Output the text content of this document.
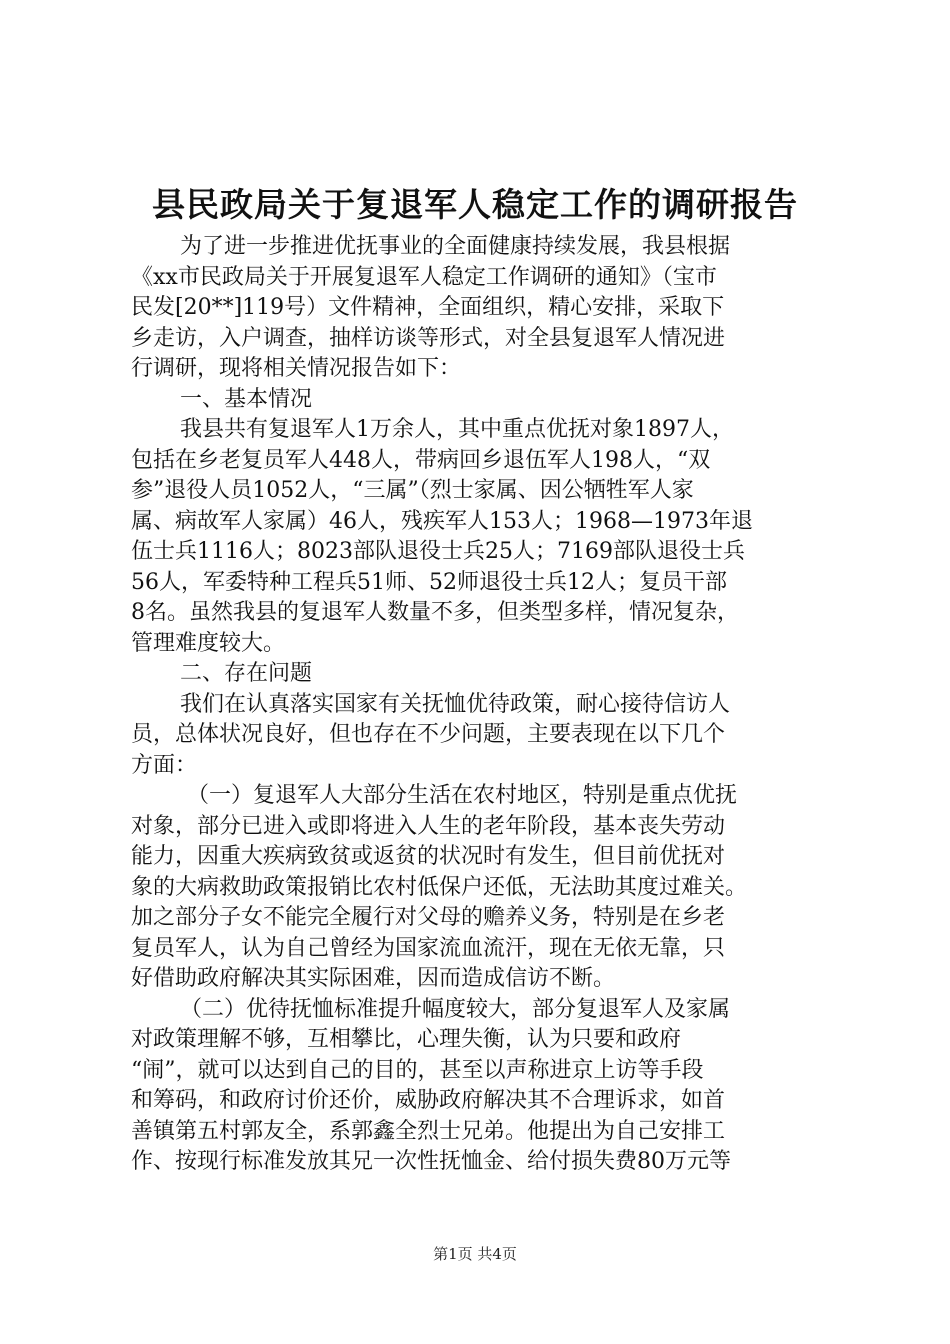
县民政局关于复退军人稳定工作的调研报告
为了进一步推进优抚事业的全面健康持续发展，我县根据
《xx市民政局关于开展复退军人稳定工作调研的通知》（宝市
民发[20**]119号）文件精神，全面组织，精心安排，采取下
乡走访，入户调查，抽样访谈等形式，对全县复退军人情况进
行调研，现将相关情况报告如下：
一、基本情况
我县共有复退军人1万余人，其中重点优抚对象1897人，
包括在乡老复员军人448人，带病回乡退伍军人198人，“双
参”退役人员1052人，“三属”（烈士家属、因公牺牲军人家
属、病故军人家属）46人，残疾军人153人；1968—1973年退
伍士兵1116人；8023部队退役士兵25人；7169部队退役士兵
56人，军委特种工程兵51师、52师退役士兵12人；复员干部
8名。虽然我县的复退军人数量不多，但类型多样，情况复杂，
管理难度较大。
二、存在问题
我们在认真落实国家有关抚恤优待政策，耐心接待信访人
员，总体状况良好，但也存在不少问题，主要表现在以下几个
方面：
（一）复退军人大部分生活在农村地区，特别是重点优抚
对象，部分已进入或即将进入人生的老年阶段，基本丧失劳动
能力，因重大疾病致贫或返贫的状况时有发生，但目前优抚对
象的大病救助政策报销比农村低保户还低，无法助其度过难关。
加之部分子女不能完全履行对父母的赡养义务，特别是在乡老
复员军人，认为自己曾经为国家流血流汗，现在无依无靠，只
好借助政府解决其实际困难，因而造成信访不断。
（二）优待抚恤标准提升幅度较大，部分复退军人及家属
对政策理解不够，互相攀比，心理失衡，认为只要和政府
“闹”，就可以达到自己的目的，甚至以声称进京上访等手段
和筹码，和政府讨价还价，威胁政府解决其不合理诉求，如首
善镇第五村郭友全，系郭鑫全烈士兄弟。他提出为自己安排工
作、按现行标准发放其兄一次性抚恤金、给付损失费80万元等
第1页 共4页
